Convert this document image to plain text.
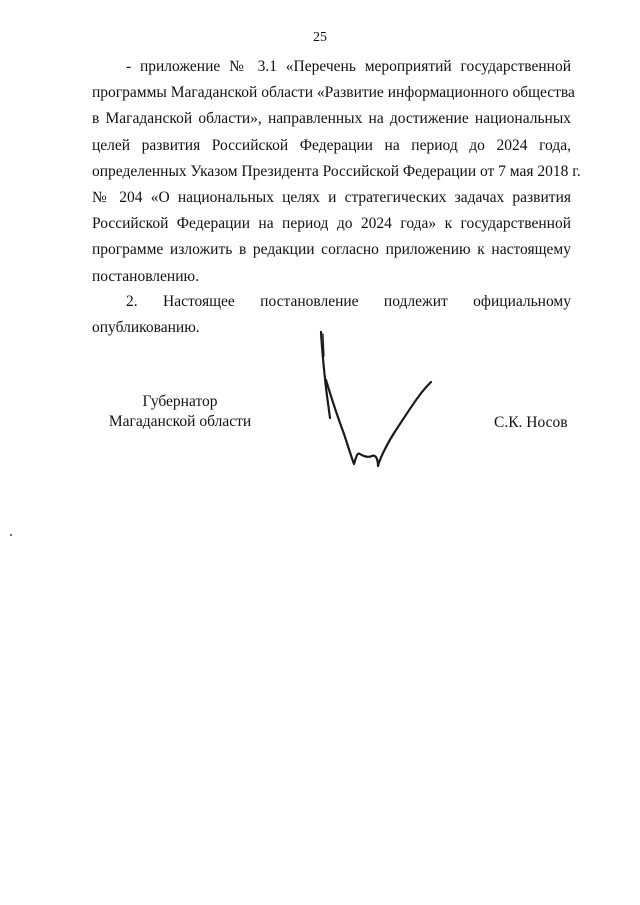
25
- приложение № 3.1 «Перечень мероприятий государственной
программы Магаданской области «Развитие информационного общества
в Магаданской области», направленных на достижение национальных
целей развития Российской Федерации на период до 2024 года,
определенных Указом Президента Российской Федерации от 7 мая 2018 г.
№ 204 «О национальных целях и стратегических задачах развития
Российской Федерации на период до 2024 года» к государственной
программе изложить в редакции согласно приложению к настоящему
постановлению.
2. Настоящее постановление подлежит официальному
опубликованию.
Губернатор
Магаданской области	С.К. Носов
